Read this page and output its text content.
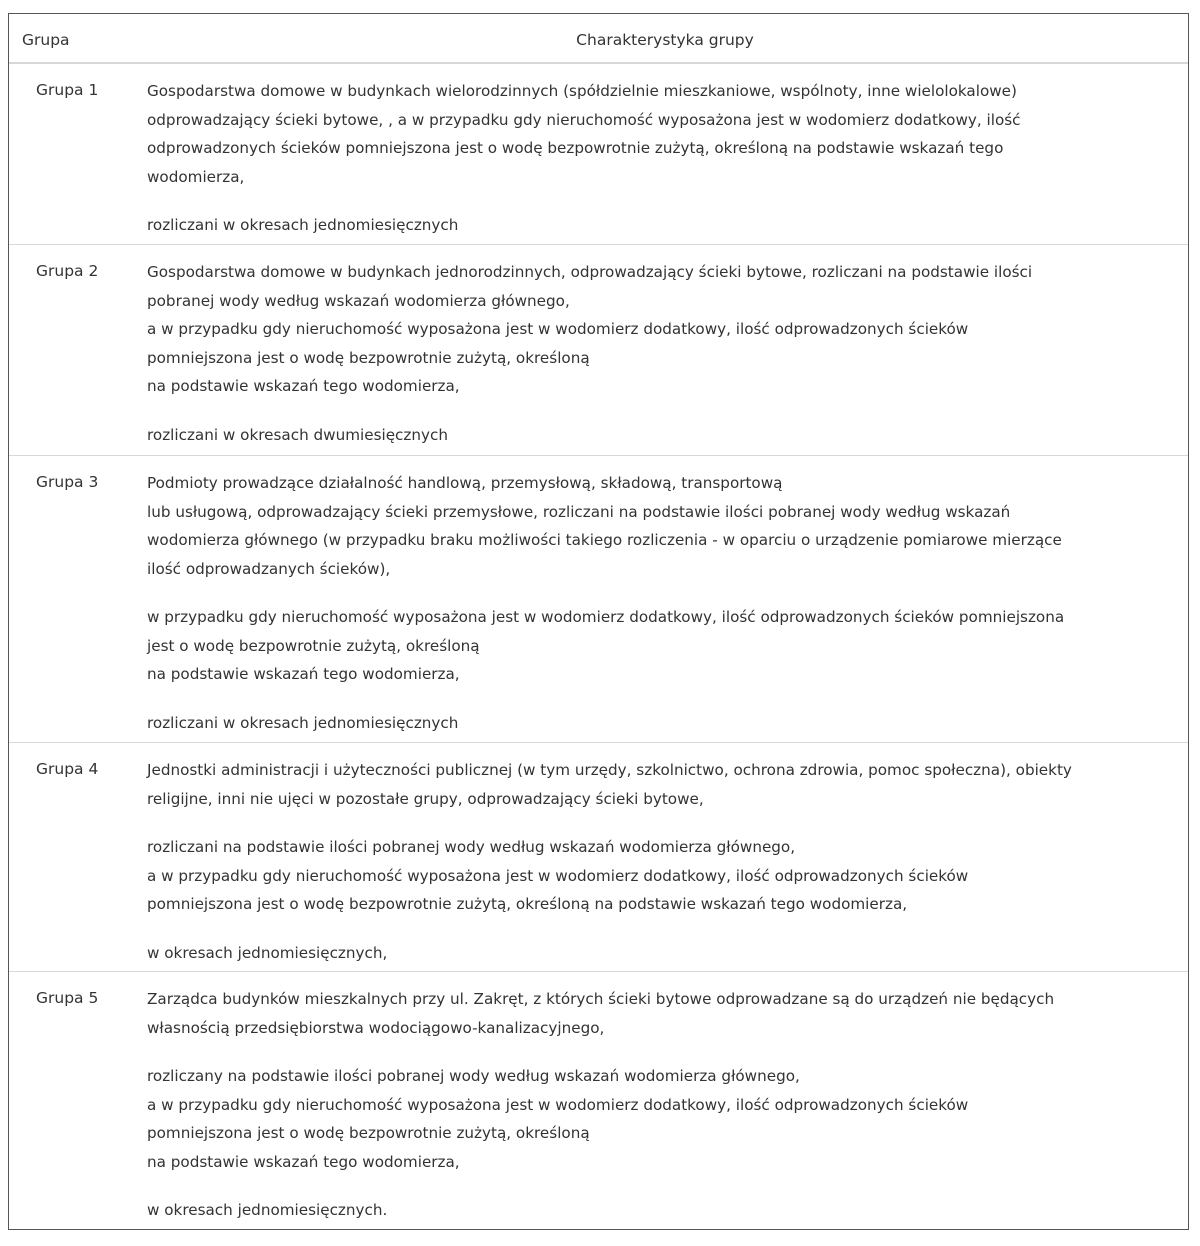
Grupa	Charakterystyka grupy
Grupa 1	Gospodarstwa domowe w budynkach wielorodzinnych (spółdzielnie mieszkaniowe, wspólnoty, inne wielolokalowe)
odprowadzający ścieki bytowe, , a w przypadku gdy nieruchomość wyposażona jest w wodomierz dodatkowy, ilość
odprowadzonych ścieków pomniejszona jest o wodę bezpowrotnie zużytą, określoną na podstawie wskazań tego
wodomierza,

rozliczani w okresach jednomiesięcznych

Grupa 2	Gospodarstwa domowe w budynkach jednorodzinnych, odprowadzający ścieki bytowe, rozliczani na podstawie ilości
pobranej wody według wskazań wodomierza głównego,
a w przypadku gdy nieruchomość wyposażona jest w wodomierz dodatkowy, ilość odprowadzonych ścieków
pomniejszona jest o wodę bezpowrotnie zużytą, określoną
na podstawie wskazań tego wodomierza,

rozliczani w okresach dwumiesięcznych

Grupa 3	Podmioty prowadzące działalność handlową, przemysłową, składową, transportową
lub usługową, odprowadzający ścieki przemysłowe, rozliczani na podstawie ilości pobranej wody według wskazań
wodomierza głównego (w przypadku braku możliwości takiego rozliczenia - w oparciu o urządzenie pomiarowe mierzące
ilość odprowadzanych ścieków),

w przypadku gdy nieruchomość wyposażona jest w wodomierz dodatkowy, ilość odprowadzonych ścieków pomniejszona
jest o wodę bezpowrotnie zużytą, określoną
na podstawie wskazań tego wodomierza,

rozliczani w okresach jednomiesięcznych

Grupa 4	Jednostki administracji i użyteczności publicznej (w tym urzędy, szkolnictwo, ochrona zdrowia, pomoc społeczna), obiekty
religijne, inni nie ujęci w pozostałe grupy, odprowadzający ścieki bytowe,

rozliczani na podstawie ilości pobranej wody według wskazań wodomierza głównego,
a w przypadku gdy nieruchomość wyposażona jest w wodomierz dodatkowy, ilość odprowadzonych ścieków
pomniejszona jest o wodę bezpowrotnie zużytą, określoną na podstawie wskazań tego wodomierza,

w okresach jednomiesięcznych,

Grupa 5	Zarządca budynków mieszkalnych przy ul. Zakręt, z których ścieki bytowe odprowadzane są do urządzeń nie będących
własnością przedsiębiorstwa wodociągowo-kanalizacyjnego,

rozliczany na podstawie ilości pobranej wody według wskazań wodomierza głównego,
a w przypadku gdy nieruchomość wyposażona jest w wodomierz dodatkowy, ilość odprowadzonych ścieków
pomniejszona jest o wodę bezpowrotnie zużytą, określoną
na podstawie wskazań tego wodomierza,

w okresach jednomiesięcznych.
